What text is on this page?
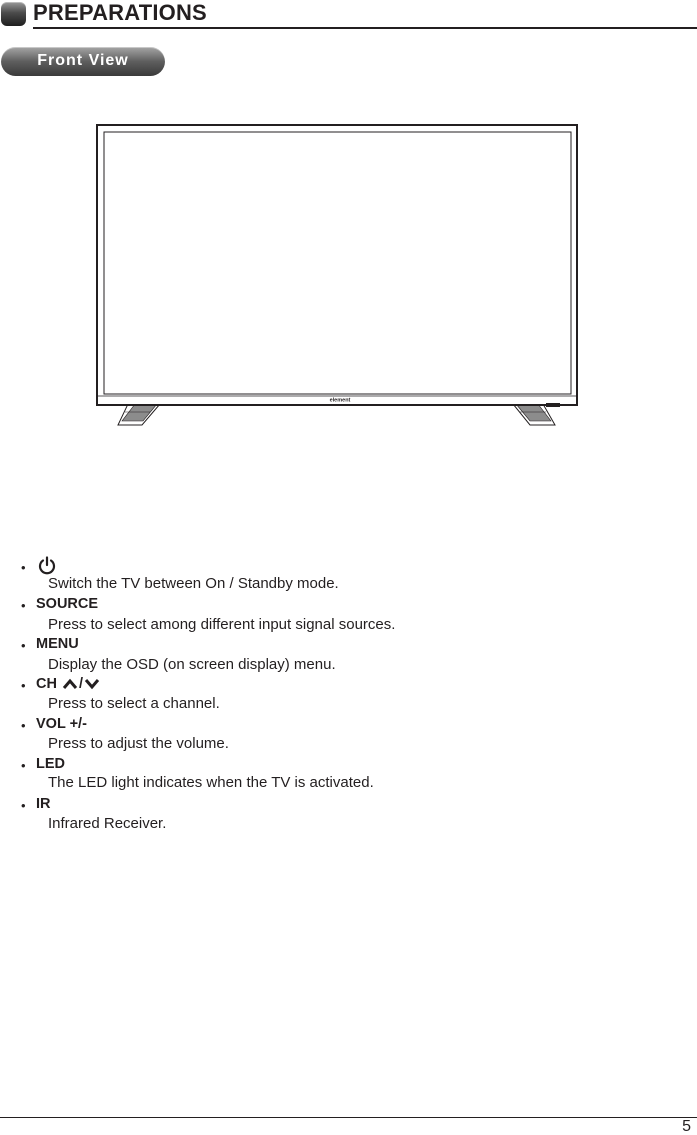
PREPARATIONS
Front View
element
•
Switch the TV between On / Standby mode.
• SOURCE
Press to select among different input signal sources.
• MENU
Display the OSD (on screen display) menu.
• CH /
Press to select a channel.
• VOL +/-
Press to adjust the volume.
• LED
The LED light indicates when the TV is activated.
• IR
Infrared Receiver.
5
